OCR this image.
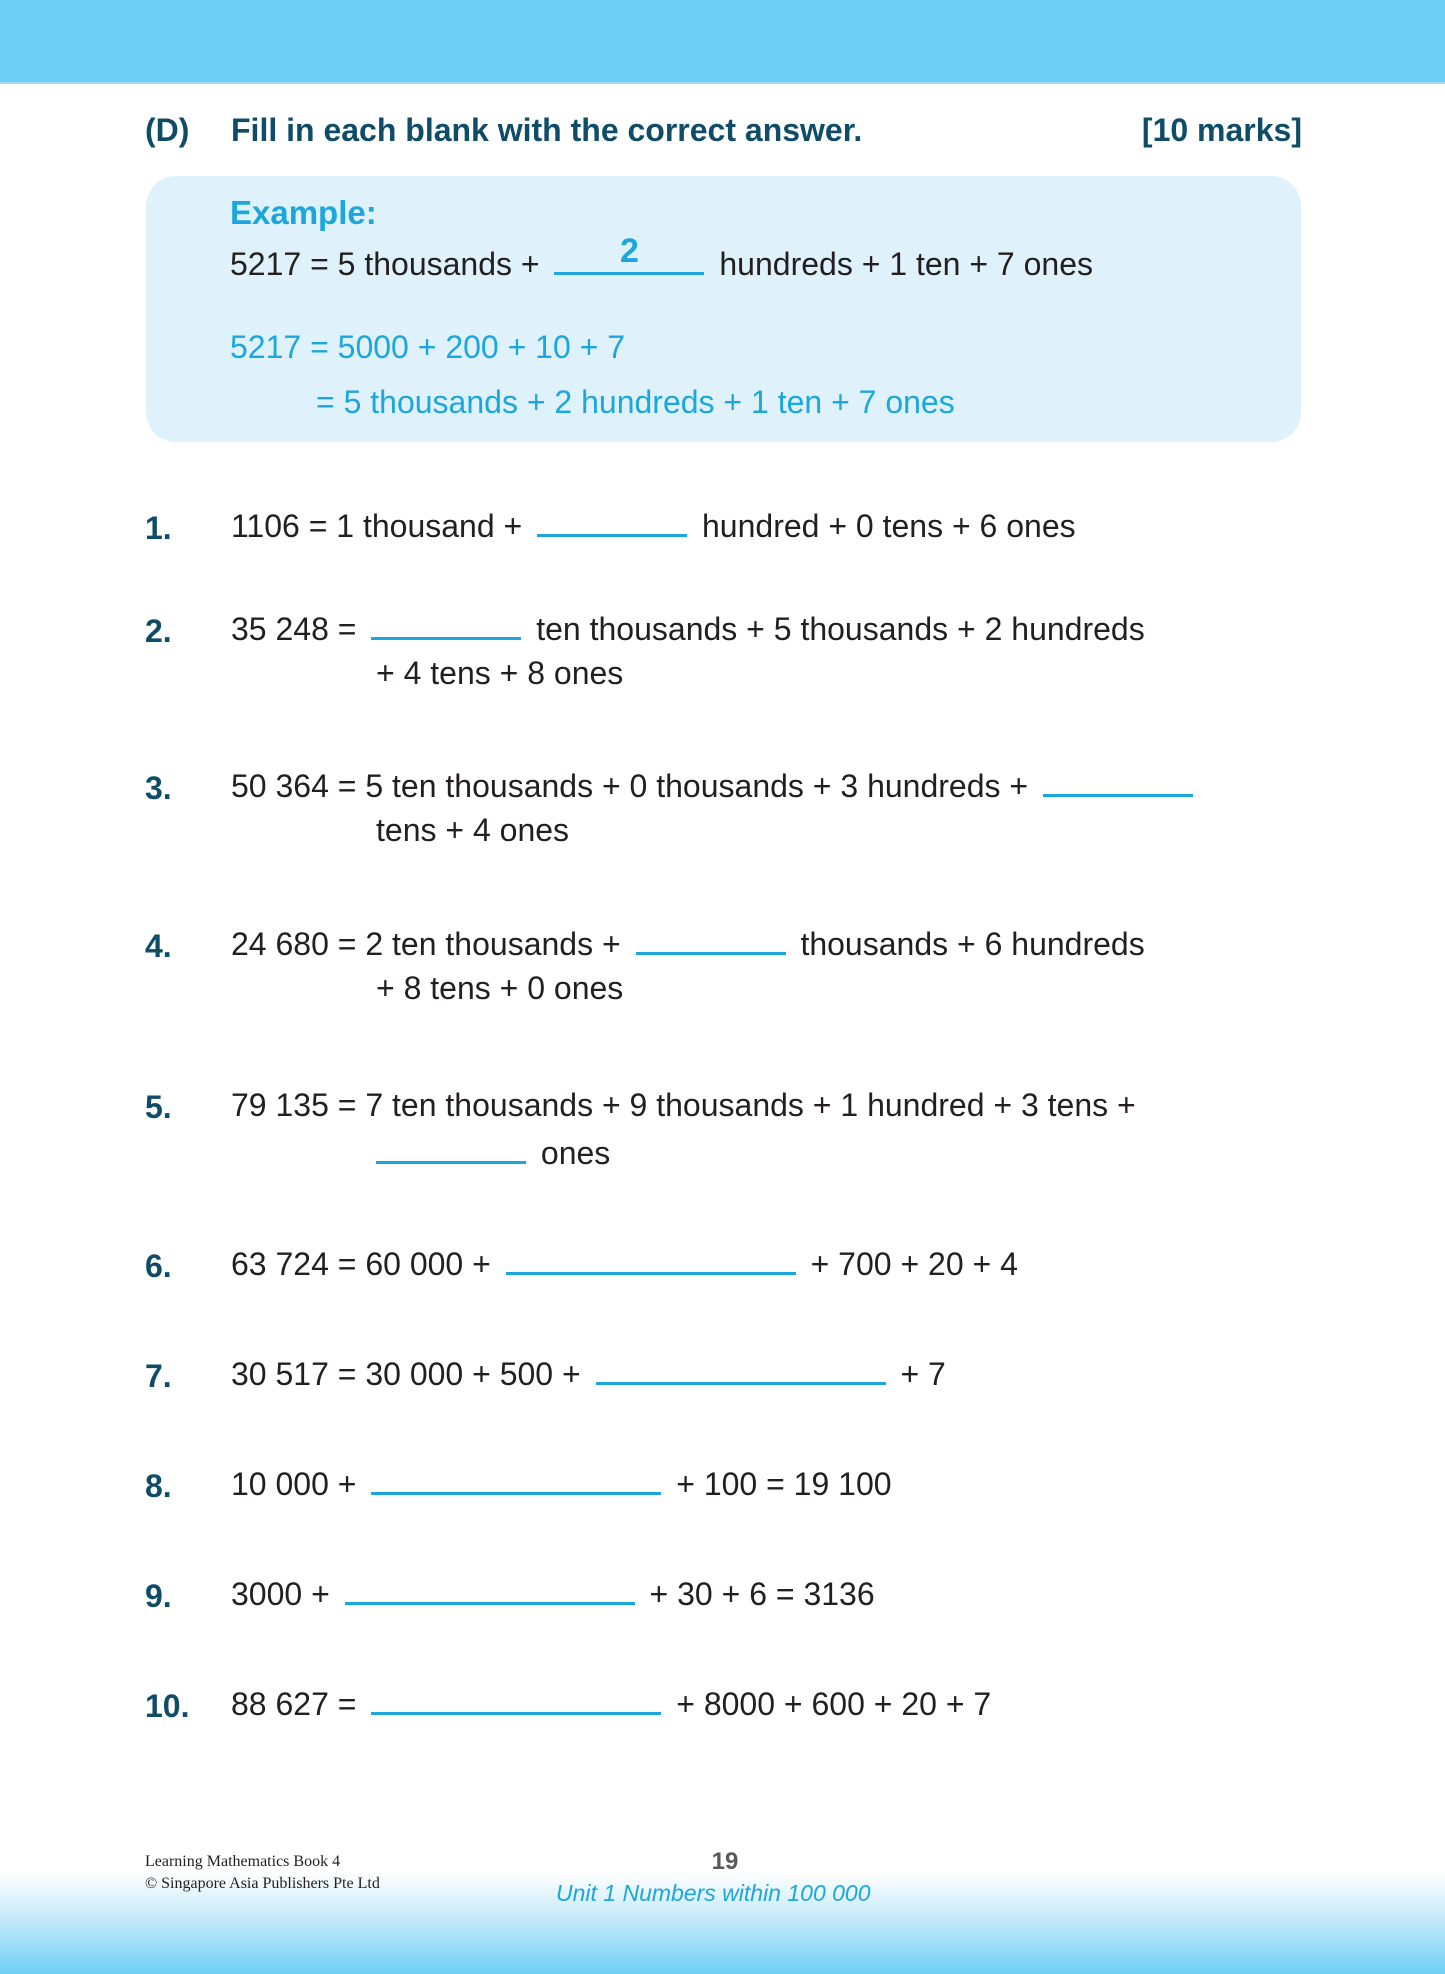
(D) Fill in each blank with the correct answer.	[10 marks]
Example:
5217 = 5 thousands +	2	hundreds + 1 ten + 7 ones
5217 = 5000 + 200 + 10 + 7
= 5 thousands + 2 hundreds + 1 ten + 7 ones
1. 1106 = 1 thousand +	hundred + 0 tens + 6 ones
2. 35 248 =	ten thousands + 5 thousands + 2 hundreds
+ 4 tens + 8 ones
3. 50 364 = 5 ten thousands + 0 thousands + 3 hundreds +
tens + 4 ones
4. 24 680 = 2 ten thousands +	thousands + 6 hundreds
+ 8 tens + 0 ones
5. 79 135 = 7 ten thousands + 9 thousands + 1 hundred + 3 tens +
ones
6. 63 724 = 60 000 +	+ 700 + 20 + 4
7. 30 517 = 30 000 + 500 +	+ 7
8. 10 000 +	+ 100 = 19 100
9. 3000 +	+ 30 + 6 = 3136
10. 88 627 =	+ 8000 + 600 + 20 + 7
Learning Mathematics Book 4
© Singapore Asia Publishers Pte Ltd
19
Unit 1 Numbers within 100 000
